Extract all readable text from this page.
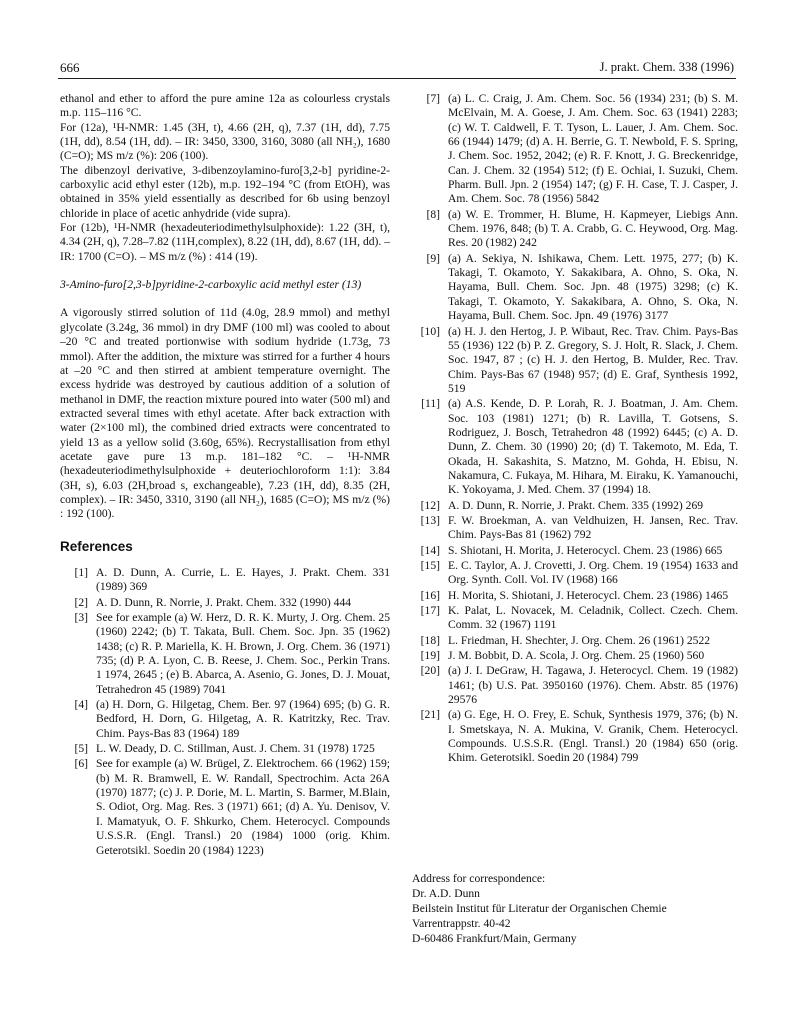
666	J. prakt. Chem. 338 (1996)

ethanol and ether to afford the pure amine 12a as colourless crystals m.p. 115–116 °C.

For (12a), ¹H-NMR: 1.45 (3H, t), 4.66 (2H, q), 7.37 (1H, dd), 7.75 (1H, dd), 8.54 (1H, dd). – IR: 3450, 3300, 3160, 3080 (all NH₂), 1680 (C=O); MS m/z (%): 206 (100).

The dibenzoyl derivative, 3-dibenzoylamino-furo[3,2-b] pyridine-2-carboxylic acid ethyl ester (12b), m.p. 192–194 °C (from EtOH), was obtained in 35% yield essentially as described for 6b using benzoyl chloride in place of acetic anhydride (vide supra).

For (12b), ¹H-NMR (hexadeuteriodimethylsulphoxide): 1.22 (3H, t), 4.34 (2H, q), 7.28–7.82 (11H,complex), 8.22 (1H, dd), 8.67 (1H, dd). – IR: 1700 (C=O). – MS m/z (%) : 414 (19).

3-Amino-furo[2,3-b]pyridine-2-carboxylic acid methyl ester (13)

A vigorously stirred solution of 11d (4.0g, 28.9 mmol) and methyl glycolate (3.24g, 36 mmol) in dry DMF (100 ml) was cooled to about –20 °C and treated portionwise with sodium hydride (1.73g, 73 mmol). After the addition, the mixture was stirred for a further 4 hours at –20 °C and then stirred at ambient temperature overnight. The excess hydride was destroyed by cautious addition of a solution of methanol in DMF, the reaction mixture poured into water (500 ml) and extracted several times with ethyl acetate. After back extraction with water (2×100 ml), the combined dried extracts were concentrated to yield 13 as a yellow solid (3.60g, 65%). Recrystallisation from ethyl acetate gave pure 13 m.p. 181–182 °C. – ¹H-NMR (hexadeuteriodimethylsulphoxide + deuteriochloroform 1:1): 3.84 (3H, s), 6.03 (2H,broad s, exchangeable), 7.23 (1H, dd), 8.35 (2H, complex). – IR: 3450, 3310, 3190 (all NH₂), 1685 (C=O); MS m/z (%) : 192 (100).

References
[1] A. D. Dunn, A. Currie, L. E. Hayes, J. Prakt. Chem. 331 (1989) 369
[2] A. D. Dunn, R. Norrie, J. Prakt. Chem. 332 (1990) 444
[3] See for example (a) W. Herz, D. R. K. Murty, J. Org. Chem. 25 (1960) 2242; (b) T. Takata, Bull. Chem. Soc. Jpn. 35 (1962) 1438; (c) R. P. Mariella, K. H. Brown, J. Org. Chem. 36 (1971) 735; (d) P. A. Lyon, C. B. Reese, J. Chem. Soc., Perkin Trans. 1 1974, 2645 ; (e) B. Abarca, A. Asenio, G. Jones, D. J. Mouat, Tetrahedron 45 (1989) 7041
[4] (a) H. Dorn, G. Hilgetag, Chem. Ber. 97 (1964) 695; (b) G. R. Bedford, H. Dorn, G. Hilgetag, A. R. Katritzky, Rec. Trav. Chim. Pays-Bas 83 (1964) 189
[5] L. W. Deady, D. C. Stillman, Aust. J. Chem. 31 (1978) 1725
[6] See for example (a) W. Brügel, Z. Elektrochem. 66 (1962) 159; (b) M. R. Bramwell, E. W. Randall, Spectrochim. Acta 26A (1970) 1877; (c) J. P. Dorie, M. L. Martin, S. Barmer, M.Blain, S. Odiot, Org. Mag. Res. 3 (1971) 661; (d) A. Yu. Denisov, V. I. Mamatyuk, O. F. Shkurko, Chem. Heterocycl. Compounds U.S.S.R. (Engl. Transl.) 20 (1984) 1000 (orig. Khim. Geterotsikl. Soedin 20 (1984) 1223)
[7] (a) L. C. Craig, J. Am. Chem. Soc. 56 (1934) 231; (b) S. M. McElvain, M. A. Goese, J. Am. Chem. Soc. 63 (1941) 2283; (c) W. T. Caldwell, F. T. Tyson, L. Lauer, J. Am. Chem. Soc. 66 (1944) 1479; (d) A. H. Berrie, G. T. Newbold, F. S. Spring, J. Chem. Soc. 1952, 2042; (e) R. F. Knott, J. G. Breckenridge, Can. J. Chem. 32 (1954) 512; (f) E. Ochiai, I. Suzuki, Chem. Pharm. Bull. Jpn. 2 (1954) 147; (g) F. H. Case, T. J. Casper, J. Am. Chem. Soc. 78 (1956) 5842
[8] (a) W. E. Trommer, H. Blume, H. Kapmeyer, Liebigs Ann. Chem. 1976, 848; (b) T. A. Crabb, G. C. Heywood, Org. Mag. Res. 20 (1982) 242
[9] (a) A. Sekiya, N. Ishikawa, Chem. Lett. 1975, 277; (b) K. Takagi, T. Okamoto, Y. Sakakibara, A. Ohno, S. Oka, N. Hayama, Bull. Chem. Soc. Jpn. 48 (1975) 3298; (c) K. Takagi, T. Okamoto, Y. Sakakibara, A. Ohno, S. Oka, N. Hayama, Bull. Chem. Soc. Jpn. 49 (1976) 3177
[10] (a) H. J. den Hertog, J. P. Wibaut, Rec. Trav. Chim. Pays-Bas 55 (1936) 122 (b) P. Z. Gregory, S. J. Holt, R. Slack, J. Chem. Soc. 1947, 87 ; (c) H. J. den Hertog, B. Mulder, Rec. Trav. Chim. Pays-Bas 67 (1948) 957; (d) E. Graf, Synthesis 1992, 519
[11] (a) A.S. Kende, D. P. Lorah, R. J. Boatman, J. Am. Chem. Soc. 103 (1981) 1271; (b) R. Lavilla, T. Gotsens, S. Rodriguez, J. Bosch, Tetrahedron 48 (1992) 6445; (c) A. D. Dunn, Z. Chem. 30 (1990) 20; (d) T. Takemoto, M. Eda, T. Okada, H. Sakashita, S. Matzno, M. Gohda, H. Ebisu, N. Nakamura, C. Fukaya, M. Hihara, M. Eiraku, K. Yamanouchi, K. Yokoyama, J. Med. Chem. 37 (1994) 18.
[12] A. D. Dunn, R. Norrie, J. Prakt. Chem. 335 (1992) 269
[13] F. W. Broekman, A. van Veldhuizen, H. Jansen, Rec. Trav. Chim. Pays-Bas 81 (1962) 792
[14] S. Shiotani, H. Morita, J. Heterocycl. Chem. 23 (1986) 665
[15] E. C. Taylor, A. J. Crovetti, J. Org. Chem. 19 (1954) 1633 and Org. Synth. Coll. Vol. IV (1968) 166
[16] H. Morita, S. Shiotani, J. Heterocycl. Chem. 23 (1986) 1465
[17] K. Palat, L. Novacek, M. Celadnik, Collect. Czech. Chem. Comm. 32 (1967) 1191
[18] L. Friedman, H. Shechter, J. Org. Chem. 26 (1961) 2522
[19] J. M. Bobbit, D. A. Scola, J. Org. Chem. 25 (1960) 560
[20] (a) J. I. DeGraw, H. Tagawa, J. Heterocycl. Chem. 19 (1982) 1461; (b) U.S. Pat. 3950160 (1976). Chem. Abstr. 85 (1976) 29576
[21] (a) G. Ege, H. O. Frey, E. Schuk, Synthesis 1979, 376; (b) N. I. Smetskaya, N. A. Mukina, V. Granik, Chem. Heterocycl. Compounds. U.S.S.R. (Engl. Transl.) 20 (1984) 650 (orig. Khim. Geterotsikl. Soedin 20 (1984) 799
Address for correspondence:
Dr. A.D. Dunn
Beilstein Institut für Literatur der Organischen Chemie
Varrentrappstr. 40-42
D-60486 Frankfurt/Main, Germany
